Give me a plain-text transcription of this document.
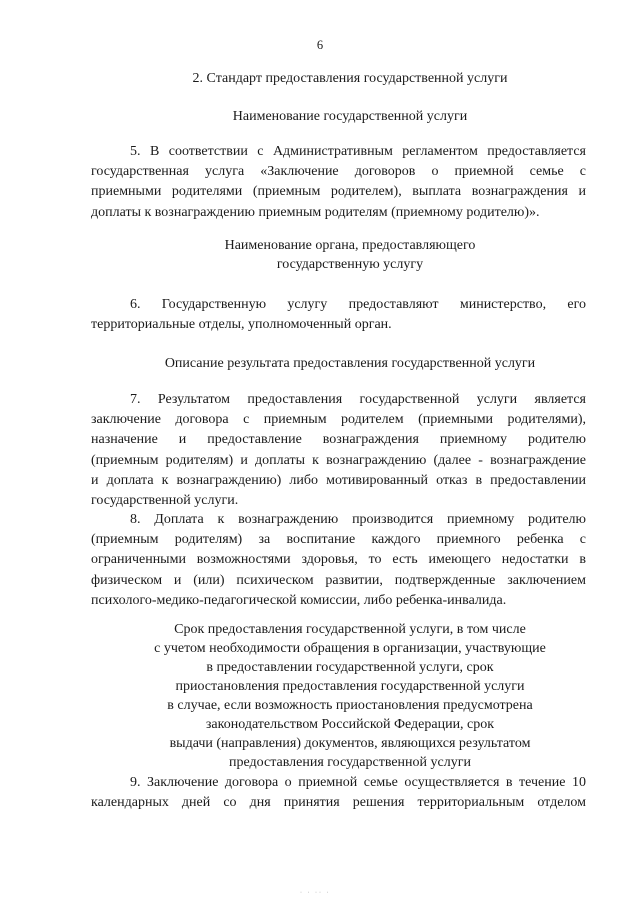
6
2. Стандарт предоставления государственной услуги
Наименование государственной услуги
5. В соответствии с Административным регламентом предоставляется
государственная услуга «Заключение договоров о приемной семье с
приемными родителями (приемным родителем), выплата вознаграждения и
доплаты к вознаграждению приемным родителям (приемному родителю)».
Наименование органа, предоставляющего
государственную услугу
6. Государственную услугу предоставляют министерство, его
территориальные отделы, уполномоченный орган.
Описание результата предоставления государственной услуги
7. Результатом предоставления государственной услуги является
заключение договора с приемным родителем (приемными родителями),
назначение и предоставление вознаграждения приемному родителю
(приемным родителям) и доплаты к вознаграждению (далее - вознаграждение
и доплата к вознаграждению) либо мотивированный отказ в предоставлении
государственной услуги.
8. Доплата к вознаграждению производится приемному родителю
(приемным родителям) за воспитание каждого приемного ребенка с
ограниченными возможностями здоровья, то есть имеющего недостатки в
физическом и (или) психическом развитии, подтвержденные заключением
психолого-медико-педагогической комиссии, либо ребенка-инвалида.
Срок предоставления государственной услуги, в том числе
с учетом необходимости обращения в организации, участвующие
в предоставлении государственной услуги, срок
приостановления предоставления государственной услуги
в случае, если возможность приостановления предусмотрена
законодательством Российской Федерации, срок
выдачи (направления) документов, являющихся результатом
предоставления государственной услуги
9. Заключение договора о приемной семье осуществляется в течение 10
календарных дней со дня принятия решения территориальным отделом
· · ·· ·
